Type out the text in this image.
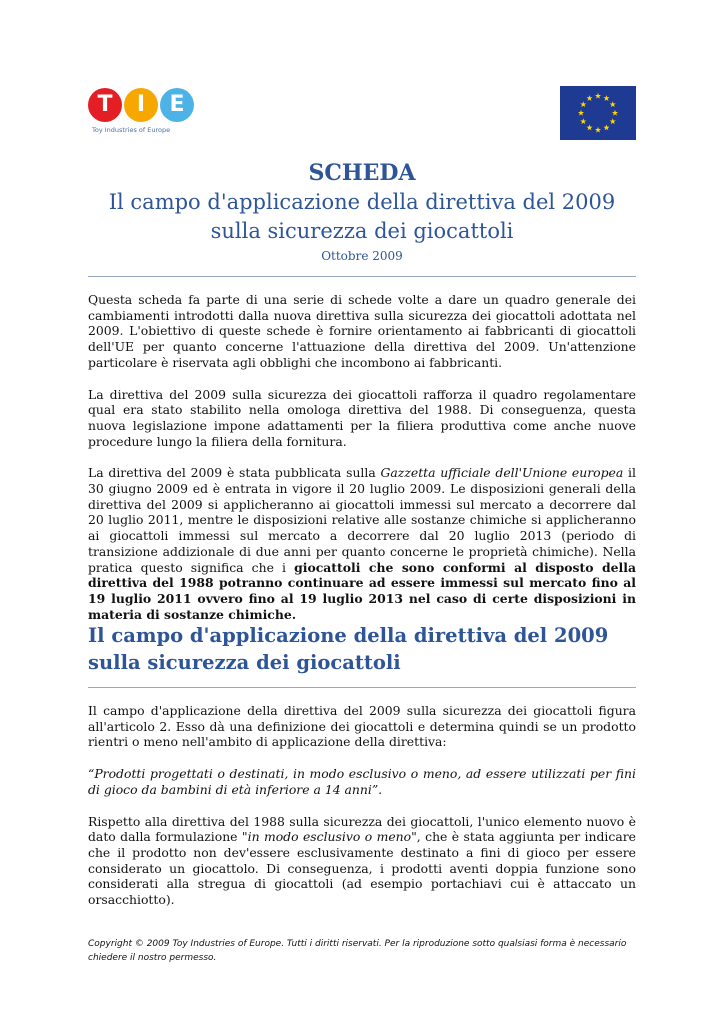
T	I	E
Toy Industries of Europe

SCHEDA

Il campo d'applicazione della direttiva del 2009 sulla sicurezza dei giocattoli

Ottobre 2009

Questa scheda fa parte di una serie di schede volte a dare un quadro generale dei cambiamenti introdotti dalla nuova direttiva sulla sicurezza dei giocattoli adottata nel 2009. L'obiettivo di queste schede è fornire orientamento ai fabbricanti di giocattoli dell'UE per quanto concerne l'attuazione della direttiva del 2009. Un'attenzione particolare è riservata agli obblighi che incombono ai fabbricanti.

La direttiva del 2009 sulla sicurezza dei giocattoli rafforza il quadro regolamentare qual era stato stabilito nella omologa direttiva del 1988. Di conseguenza, questa nuova legislazione impone adattamenti per la filiera produttiva come anche nuove procedure lungo la filiera della fornitura.

La direttiva del 2009 è stata pubblicata sulla Gazzetta ufficiale dell'Unione europea il 30 giugno 2009 ed è entrata in vigore il 20 luglio 2009. Le disposizioni generali della direttiva del 2009 si applicheranno ai giocattoli immessi sul mercato a decorrere dal 20 luglio 2011, mentre le disposizioni relative alle sostanze chimiche si applicheranno ai giocattoli immessi sul mercato a decorrere dal 20 luglio 2013 (periodo di transizione addizionale di due anni per quanto concerne le proprietà chimiche). Nella pratica questo significa che i giocattoli che sono conformi al disposto della direttiva del 1988 potranno continuare ad essere immessi sul mercato fino al 19 luglio 2011 ovvero fino al 19 luglio 2013 nel caso di certe disposizioni in materia di sostanze chimiche.

Il campo d'applicazione della direttiva del 2009 sulla sicurezza dei giocattoli

Il campo d'applicazione della direttiva del 2009 sulla sicurezza dei giocattoli figura all'articolo 2. Esso dà una definizione dei giocattoli e determina quindi se un prodotto rientri o meno nell'ambito di applicazione della direttiva:

“Prodotti progettati o destinati, in modo esclusivo o meno, ad essere utilizzati per fini di gioco da bambini di età inferiore a 14 anni”.

Rispetto alla direttiva del 1988 sulla sicurezza dei giocattoli, l'unico elemento nuovo è dato dalla formulazione "in modo esclusivo o meno", che è stata aggiunta per indicare che il prodotto non dev'essere esclusivamente destinato a fini di gioco per essere considerato un giocattolo. Di conseguenza, i prodotti aventi doppia funzione sono considerati alla stregua di giocattoli (ad esempio portachiavi cui è attaccato un orsacchiotto).

Copyright © 2009 Toy Industries of Europe. Tutti i diritti riservati. Per la riproduzione sotto qualsiasi forma è necessario chiedere il nostro permesso.
